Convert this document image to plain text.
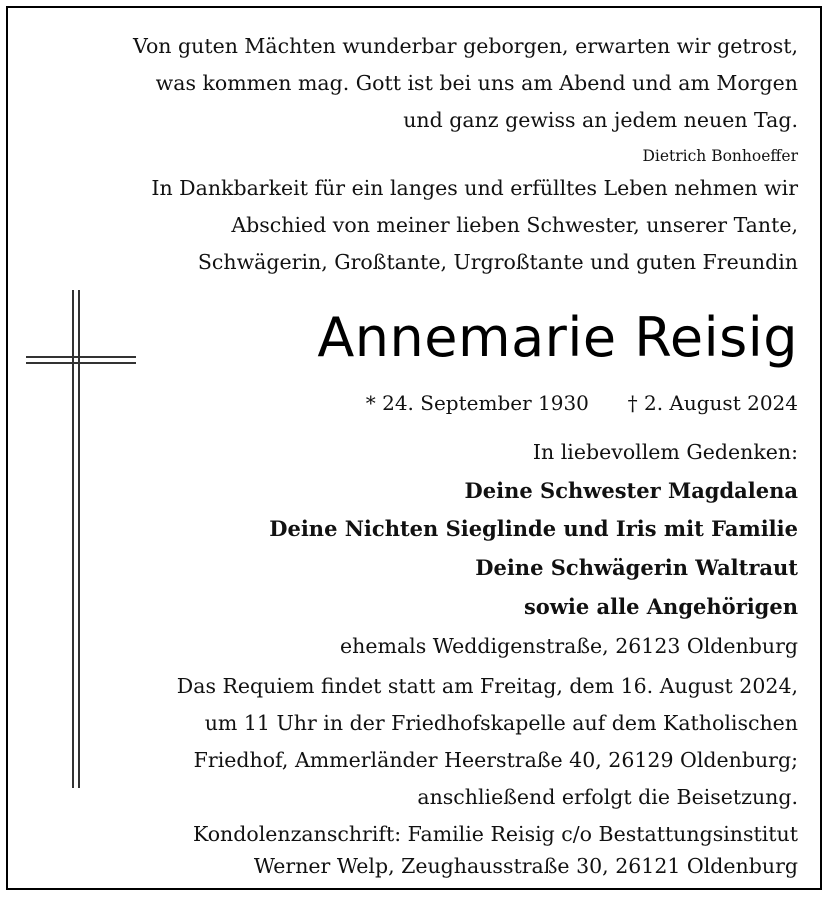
Von guten Mächten wunderbar geborgen, erwarten wir getrost,
was kommen mag. Gott ist bei uns am Abend und am Morgen
und ganz gewiss an jedem neuen Tag.
Dietrich Bonhoeffer
In Dankbarkeit für ein langes und erfülltes Leben nehmen wir
Abschied von meiner lieben Schwester, unserer Tante,
Schwägerin, Großtante, Urgroßtante und guten Freundin
Annemarie Reisig
* 24. September 1930 † 2. August 2024
In liebevollem Gedenken:
Deine Schwester Magdalena
Deine Nichten Sieglinde und Iris mit Familie
Deine Schwägerin Waltraut
sowie alle Angehörigen
ehemals Weddigenstraße, 26123 Oldenburg
Das Requiem findet statt am Freitag, dem 16. August 2024,
um 11 Uhr in der Friedhofskapelle auf dem Katholischen
Friedhof, Ammerländer Heerstraße 40, 26129 Oldenburg;
anschließend erfolgt die Beisetzung.
Kondolenzanschrift: Familie Reisig c/o Bestattungsinstitut
Werner Welp, Zeughausstraße 30, 26121 Oldenburg
